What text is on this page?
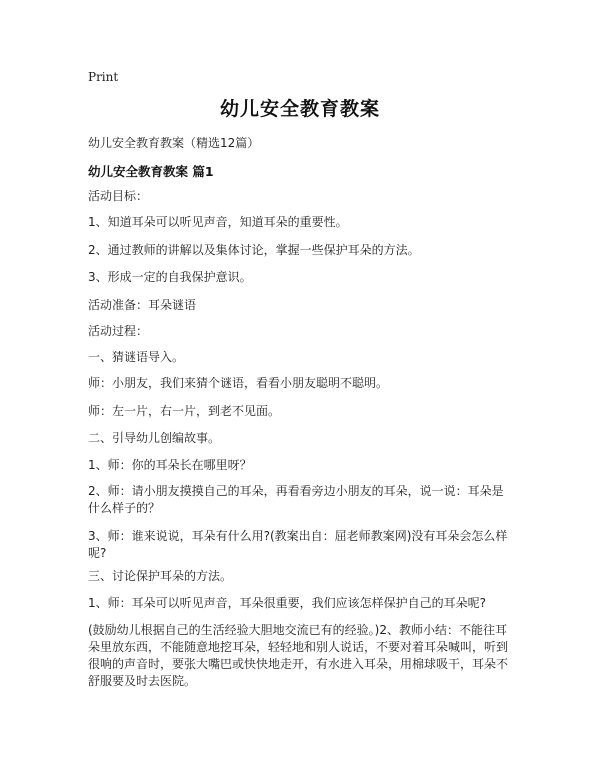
Print
幼儿安全教育教案
幼儿安全教育教案（精选12篇）
幼儿安全教育教案 篇1
活动目标：
1、知道耳朵可以听见声音，知道耳朵的重要性。
2、通过教师的讲解以及集体讨论，掌握一些保护耳朵的方法。
3、形成一定的自我保护意识。
活动准备：耳朵谜语
活动过程：
一、猜谜语导入。
师：小朋友，我们来猜个谜语，看看小朋友聪明不聪明。
师：左一片，右一片，到老不见面。
二、引导幼儿创编故事。
1、师：你的耳朵长在哪里呀？
2、师：请小朋友摸摸自己的耳朵，再看看旁边小朋友的耳朵，说一说：耳朵是什么样子的？
3、师：谁来说说，耳朵有什么用?(教案出自：屈老师教案网)没有耳朵会怎么样呢?
三、讨论保护耳朵的方法。
1、师：耳朵可以听见声音，耳朵很重要，我们应该怎样保护自己的耳朵呢?
(鼓励幼儿根据自己的生活经验大胆地交流已有的经验。)2、教师小结：不能往耳朵里放东西，不能随意地挖耳朵，轻轻地和别人说话，不要对着耳朵喊叫，听到很响的声音时，要张大嘴巴或快快地走开，有水进入耳朵，用棉球吸干，耳朵不舒服要及时去医院。
